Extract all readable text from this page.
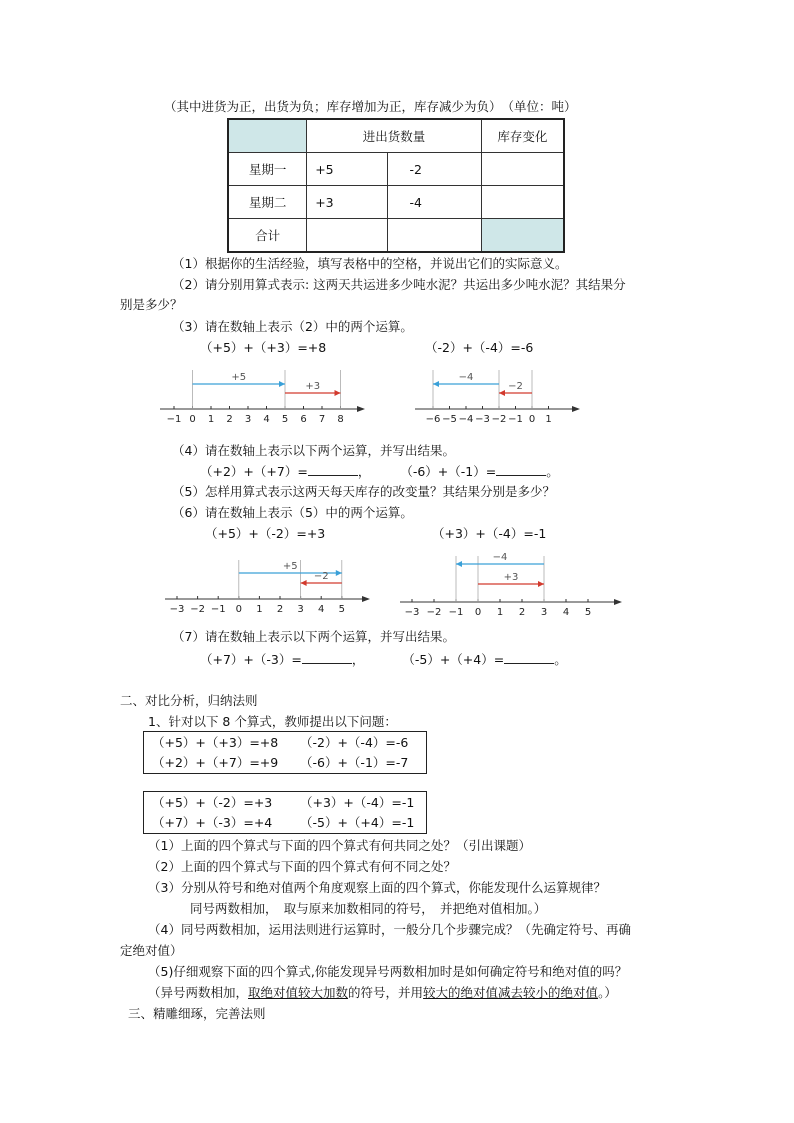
（其中进货为正，出货为负；库存增加为正，库存减少为负）　（单位：吨）
	进出货数量		库存变化
星期一	+5	-2	
星期二	+3	-4	
合计			
（1）根据你的生活经验，填写表格中的空格，并说出它们的实际意义。
（2）请分别用算式表示: 这两天共运进多少吨水泥？共运出多少吨水泥？其结果分
别是多少？
（3）请在数轴上表示（2）中的两个运算。
（+5）+（+3）=+8	（-2）+（-4）=-6
−1 0 1 2 3 4 5 6 7 8
+5
+3
−6 −5 −4 −3 −2 −1 0 1
−4
−2
（4）请在数轴上表示以下两个运算，并写出结果。
（+2）+（+7）=	， （-6）+（-1）=	。
（5）怎样用算式表示这两天每天库存的改变量？其结果分别是多少？
（6）请在数轴上表示（5）中的两个运算。
（+5）+（-2）=+3	（+3）+（-4）=-1
−3 −2 −1 0 1 2 3 4 5
+5
−2
−3 −2 −1 0 1 2 3 4 5
−4
+3
（7）请在数轴上表示以下两个运算，并写出结果。
（+7）+（-3）=	，	（-5）+（+4）=	。
二、对比分析，归纳法则
1、针对以下 8 个算式，教师提出以下问题：
（+5）+（+3）=+8 （-2）+（-4）=-6
（+2）+（+7）=+9 （-6）+（-1）=-7
（+5）+（-2）=+3 （+3）+（-4）=-1
（+7）+（-3）=+4 （-5）+（+4）=-1
（1）上面的四个算式与下面的四个算式有何共同之处？（引出课题）
（2）上面的四个算式与下面的四个算式有何不同之处？
（3）分别从符号和绝对值两个角度观察上面的四个算式，你能发现什么运算规律？
同号两数相加，　取与原来加数相同的符号，　并把绝对值相加。）
（4）同号两数相加，运用法则进行运算时，一般分几个步骤完成？（先确定符号、再确
定绝对值）
（5)仔细观察下面的四个算式,你能发现异号两数相加时是如何确定符号和绝对值的吗？
（异号两数相加，取绝对值较大加数的符号，并用较大的绝对值减去较小的绝对值。）
三、精雕细琢，完善法则
